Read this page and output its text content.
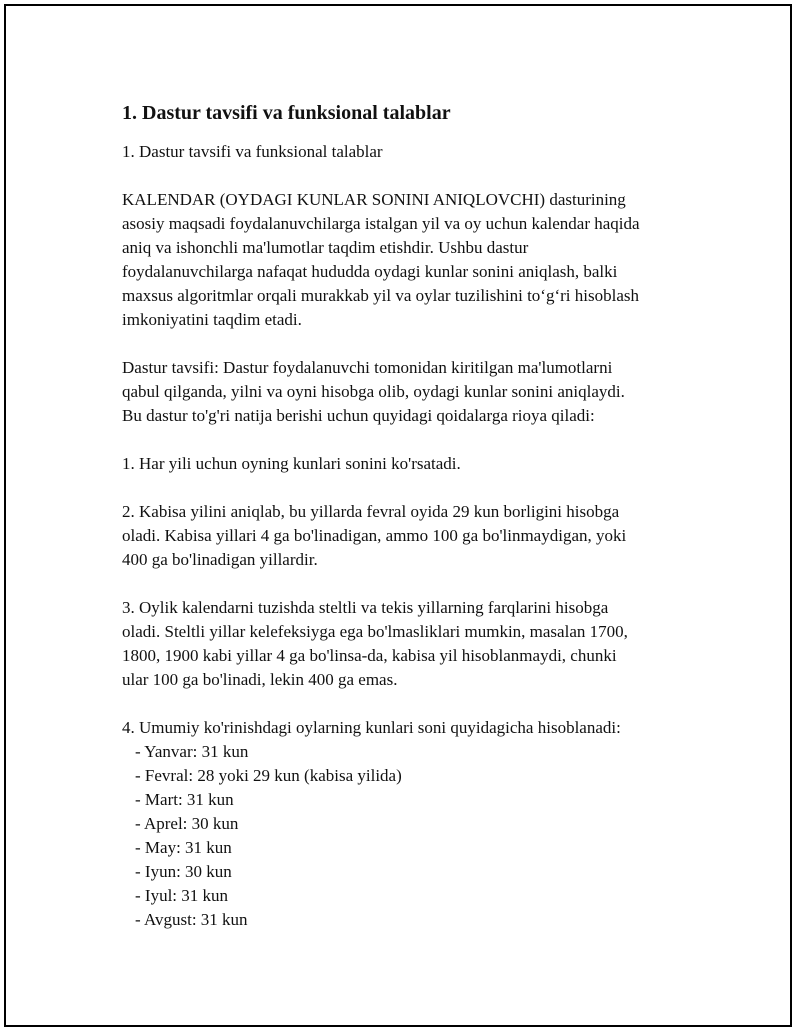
1. Dastur tavsifi va funksional talablar

1. Dastur tavsifi va funksional talablar

KALENDAR (OYDAGI KUNLAR SONINI ANIQLOVCHI) dasturining

asosiy maqsadi foydalanuvchilarga istalgan yil va oy uchun kalendar haqida

aniq va ishonchli ma'lumotlar taqdim etishdir. Ushbu dastur

foydalanuvchilarga nafaqat hududda oydagi kunlar sonini aniqlash, balki

maxsus algoritmlar orqali murakkab yil va oylar tuzilishini to‘g‘ri hisoblash

imkoniyatini taqdim etadi.

Dastur tavsifi: Dastur foydalanuvchi tomonidan kiritilgan ma'lumotlarni

qabul qilganda, yilni va oyni hisobga olib, oydagi kunlar sonini aniqlaydi.

Bu dastur to'g'ri natija berishi uchun quyidagi qoidalarga rioya qiladi:

1. Har yili uchun oyning kunlari sonini ko'rsatadi.

2. Kabisa yilini aniqlab, bu yillarda fevral oyida 29 kun borligini hisobga

oladi. Kabisa yillari 4 ga bo'linadigan, ammo 100 ga bo'linmaydigan, yoki

400 ga bo'linadigan yillardir.

3. Oylik kalendarni tuzishda steltli va tekis yillarning farqlarini hisobga

oladi. Steltli yillar kelefeksiyga ega bo'lmasliklari mumkin, masalan 1700,

1800, 1900 kabi yillar 4 ga bo'linsa-da, kabisa yil hisoblanmaydi, chunki

ular 100 ga bo'linadi, lekin 400 ga emas.

4. Umumiy ko'rinishdagi oylarning kunlari soni quyidagicha hisoblanadi:

- Yanvar: 31 kun

- Fevral: 28 yoki 29 kun (kabisa yilida)

- Mart: 31 kun

- Aprel: 30 kun

- May: 31 kun

- Iyun: 30 kun

- Iyul: 31 kun

- Avgust: 31 kun
